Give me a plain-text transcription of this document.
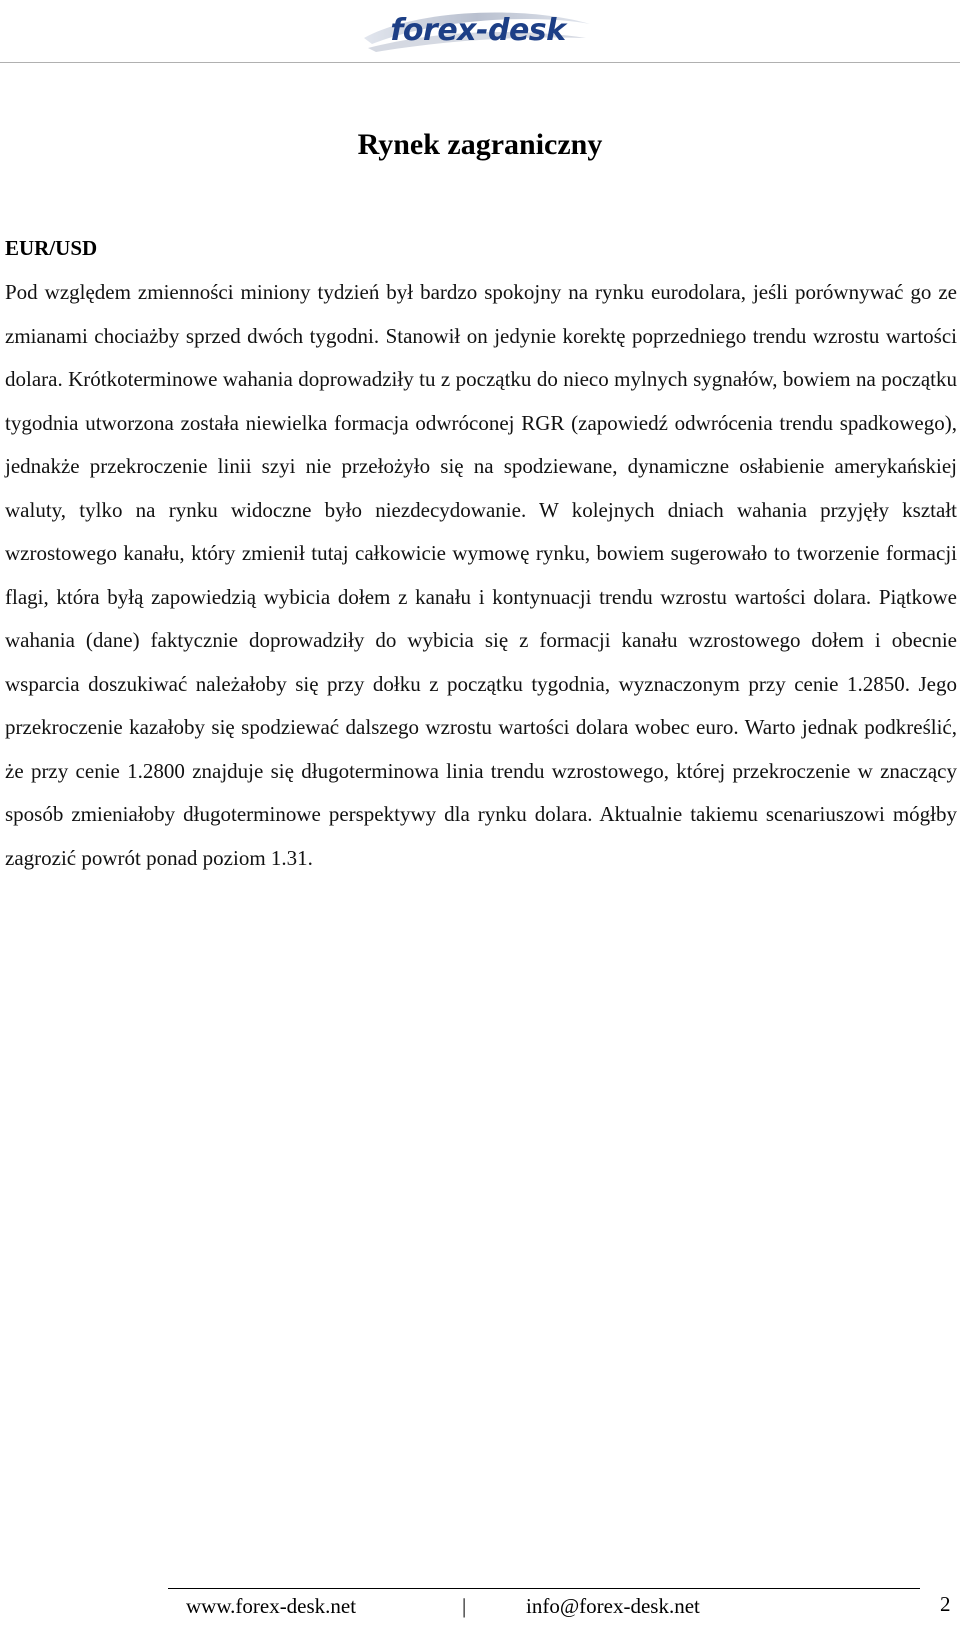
forex-desk
Rynek zagraniczny
EUR/USD

Pod względem zmienności miniony tydzień był bardzo spokojny na rynku eurodolara, jeśli porównywać go ze zmianami chociażby sprzed dwóch tygodni. Stanowił on jedynie korektę poprzedniego trendu wzrostu wartości dolara. Krótkoterminowe wahania doprowadziły tu z początku do nieco mylnych sygnałów, bowiem na początku tygodnia utworzona została niewielka formacja odwróconej RGR (zapowiedź odwrócenia trendu spadkowego), jednakże przekroczenie linii szyi nie przełożyło się na spodziewane, dynamiczne osłabienie amerykańskiej waluty, tylko na rynku widoczne było niezdecydowanie. W kolejnych dniach wahania przyjęły kształt wzrostowego kanału, który zmienił tutaj całkowicie wymowę rynku, bowiem sugerowało to tworzenie formacji flagi, która byłą zapowiedzią wybicia dołem z kanału i kontynuacji trendu wzrostu wartości dolara. Piątkowe wahania (dane) faktycznie doprowadziły do wybicia się z formacji kanału wzrostowego dołem i obecnie wsparcia doszukiwać należałoby się przy dołku z początku tygodnia, wyznaczonym przy cenie 1.2850. Jego przekroczenie kazałoby się spodziewać dalszego wzrostu wartości dolara wobec euro. Warto jednak podkreślić, że przy cenie 1.2800 znajduje się długoterminowa linia trendu wzrostowego, której przekroczenie w znaczący sposób zmieniałoby długoterminowe perspektywy dla rynku dolara. Aktualnie takiemu scenariuszowi mógłby zagrozić powrót ponad poziom 1.31.

www.forex-desk.net	|	info@forex-desk.net	2
